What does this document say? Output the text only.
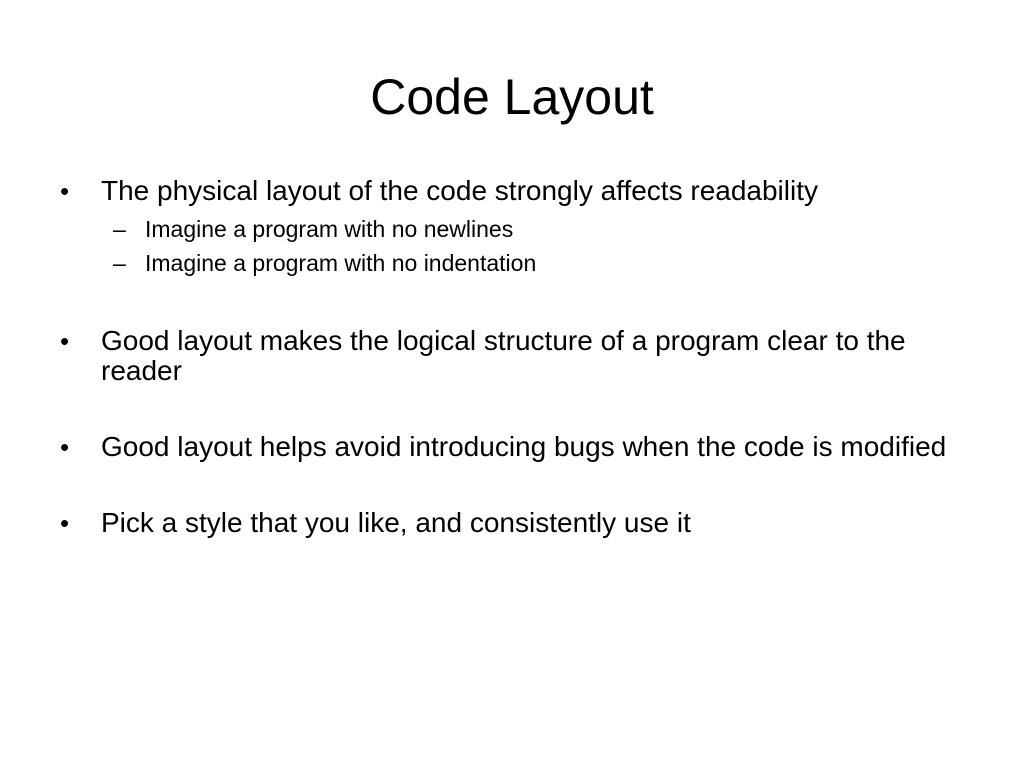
Code Layout
• The physical layout of the code strongly affects readability
– Imagine a program with no newlines
– Imagine a program with no indentation
• Good layout makes the logical structure of a program clear to the reader
• Good layout helps avoid introducing bugs when the code is modified
• Pick a style that you like, and consistently use it
